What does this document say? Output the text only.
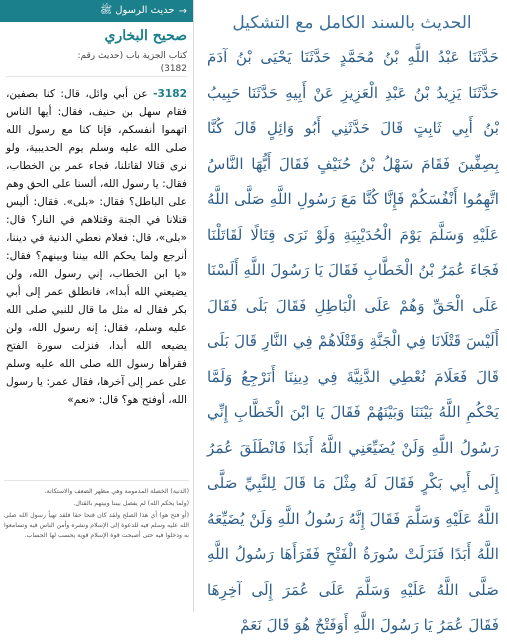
→
حديث الرسول ﷺ
صحيح البخاري
كتاب الجزية باب (حديث رقم: 3182)
3182- عن أبي وائل، قال: كنا بصفين، فقام سهل بن حنيف، فقال: أيها الناس اتهموا أنفسكم، فإنا كنا مع رسول الله صلى الله عليه وسلم يوم الحديبية، ولو نرى قتالا لقاتلنا، فجاء عمر بن الخطاب، فقال: يا رسول الله، ألسنا على الحق وهم على الباطل؟ فقال: «بلى». فقال: أليس قتلانا في الجنة وقتلاهم في النار؟ قال: «بلى»، قال: فعلام نعطي الدنية في ديننا، أنرجع ولما يحكم الله بيننا وبينهم؟ فقال: «يا ابن الخطاب، إني رسول الله، ولن يضيعني الله أبدا»، فانطلق عمر إلى أبي بكر فقال له مثل ما قال للنبي صلى الله عليه وسلم، فقال: إنه رسول الله، ولن يضيعه الله أبدا، فنزلت سورة الفتح فقرأها رسول الله صلى الله عليه وسلم على عمر إلى آخرها، فقال عمر: يا رسول الله، أوفتح هو؟ قال: «نعم»

(الدنية) الخصلة المذمومة وهي مظهر الضعف والاستكانة.

(ولما يحكم الله) لم يفصل بيننا وبينهم بالقتال.

(أو فتح هو) أي هذا الصلح ولقد كان فتحا حقا فلقد تهيأ رسول الله صلى الله عليه وسلم فيه للدعوة إلى الإسلام ونشره وأمن الناس فيه وتسامعوا به ودخلوا فيه حتى أصبحت قوة الإسلام قوية يحسب لها الحساب.

الحديث بالسند الكامل مع التشكيل
حَدَّثَنَا عَبْدُ اللَّهِ بْنُ مُحَمَّدٍ حَدَّثَنَا يَحْيَى بْنُ آدَمَ حَدَّثَنَا يَزِيدُ بْنُ عَبْدِ الْعَزِيزِ عَنْ أَبِيهِ حَدَّثَنَا حَبِيبُ بْنُ أَبِي ثَابِتٍ قَالَ حَدَّثَنِي أَبُو وَائِلٍ قَالَ كُنَّا بِصِفِّينَ فَقَامَ سَهْلُ بْنُ حُنَيْفٍ فَقَالَ أَيُّهَا النَّاسُ اتَّهِمُوا أَنْفُسَكُمْ فَإِنَّا كُنَّا مَعَ رَسُولِ اللَّهِ صَلَّى اللَّهُ عَلَيْهِ وَسَلَّمَ يَوْمَ الْحُدَيْبِيَةِ وَلَوْ نَرَى قِتَالًا لَقَاتَلْنَا فَجَاءَ عُمَرُ بْنُ الْخَطَّابِ فَقَالَ يَا رَسُولَ اللَّهِ أَلَسْنَا عَلَى الْحَقِّ وَهُمْ عَلَى الْبَاطِلِ فَقَالَ بَلَى فَقَالَ أَلَيْسَ قَتْلَانَا فِي الْجَنَّةِ وَقَتْلَاهُمْ فِي النَّارِ قَالَ بَلَى قَالَ فَعَلَامَ نُعْطِي الدَّنِيَّةَ فِي دِينِنَا أَنَرْجِعُ وَلَمَّا يَحْكُمِ اللَّهُ بَيْنَنَا وَبَيْنَهُمْ فَقَالَ يَا ابْنَ الْخَطَّابِ إِنِّي رَسُولُ اللَّهِ وَلَنْ يُضَيِّعَنِي اللَّهُ أَبَدًا فَانْطَلَقَ عُمَرُ إِلَى أَبِي بَكْرٍ فَقَالَ لَهُ مِثْلَ مَا قَالَ لِلنَّبِيِّ صَلَّى اللَّهُ عَلَيْهِ وَسَلَّمَ فَقَالَ إِنَّهُ رَسُولُ اللَّهِ وَلَنْ يُضَيِّعَهُ اللَّهُ أَبَدًا فَنَزَلَتْ سُورَةُ الْفَتْحِ فَقَرَأَهَا رَسُولُ اللَّهِ صَلَّى اللَّهُ عَلَيْهِ وَسَلَّمَ عَلَى عُمَرَ إِلَى آخِرِهَا فَقَالَ عُمَرُ يَا رَسُولَ اللَّهِ أَوَفَتْحٌ هُوَ قَالَ نَعَمْ
